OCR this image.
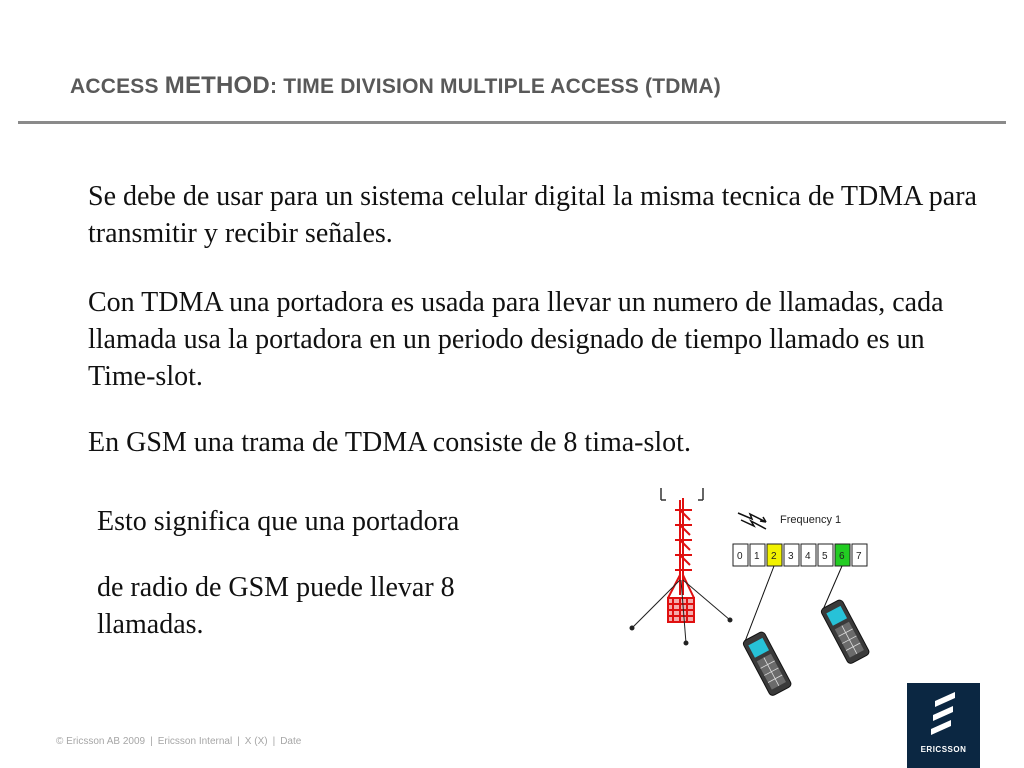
ACCESS METHOD: TIME DIVISION MULTIPLE ACCESS (TDMA)

Se debe de usar para un sistema celular digital la misma tecnica de TDMA para transmitir y recibir señales.

Con TDMA una portadora es usada para llevar un numero de llamadas, cada llamada usa la portadora en un periodo designado de tiempo llamado es un Time-slot.

En GSM una trama de TDMA consiste de 8 tima-slot.

Esto significa que una portadora

de radio de GSM puede llevar 8 llamadas.

Frequency 1
0 1 2 3 4 5 6 7
© Ericsson AB 2009 | Ericsson Internal | X (X) | Date
ERICSSON
